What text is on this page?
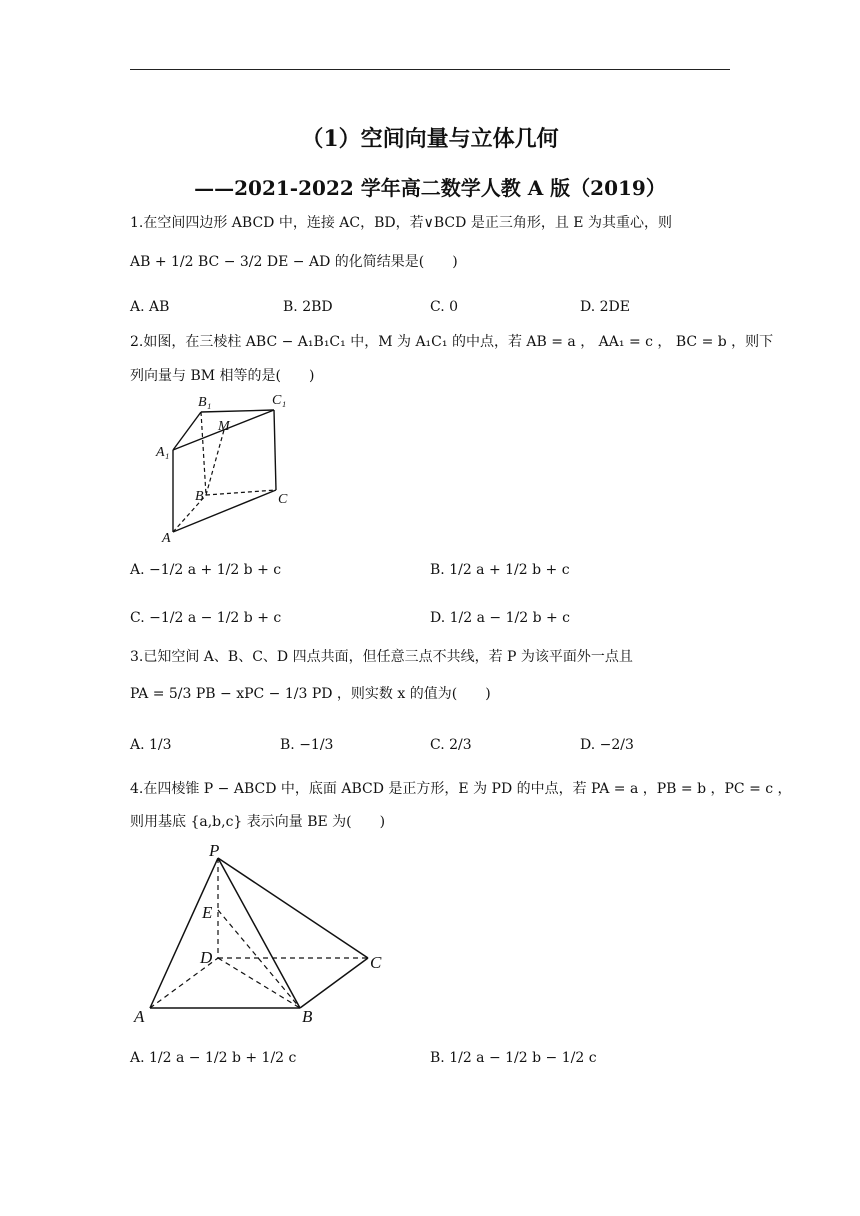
（1）空间向量与立体几何
——2021-2022 学年高二数学人教 A 版（2019）
1.在空间四边形 ABCD 中，连接 AC，BD，若∨BCD 是正三角形，且 E 为其重心，则
AB + 1/2 BC − 3/2 DE − AD 的化简结果是(　　)
A. AB	B. 2BD	C. 0	D. 2DE
2.如图，在三棱柱 ABC − A₁B₁C₁ 中，M 为 A₁C₁ 的中点，若 AB = a ， AA₁ = c ， BC = b ，则下
列向量与 BM 相等的是(　　)
B₁	C₁
M
A₁
B	C
A
A. −1/2 a + 1/2 b + c	B. 1/2 a + 1/2 b + c
C. −1/2 a − 1/2 b + c	D. 1/2 a − 1/2 b + c
3.已知空间 A、B、C、D 四点共面，但任意三点不共线，若 P 为该平面外一点且
PA = 5/3 PB − xPC − 1/3 PD ，则实数 x 的值为(　　)
A. 1/3	B. −1/3	C. 2/3	D. −2/3
4.在四棱锥 P − ABCD 中，底面 ABCD 是正方形，E 为 PD 的中点，若 PA = a ，PB = b ，PC = c ，
则用基底 {a,b,c} 表示向量 BE 为(　　)
P
E
D	C
A	B
A. 1/2 a − 1/2 b + 1/2 c	B. 1/2 a − 1/2 b − 1/2 c
